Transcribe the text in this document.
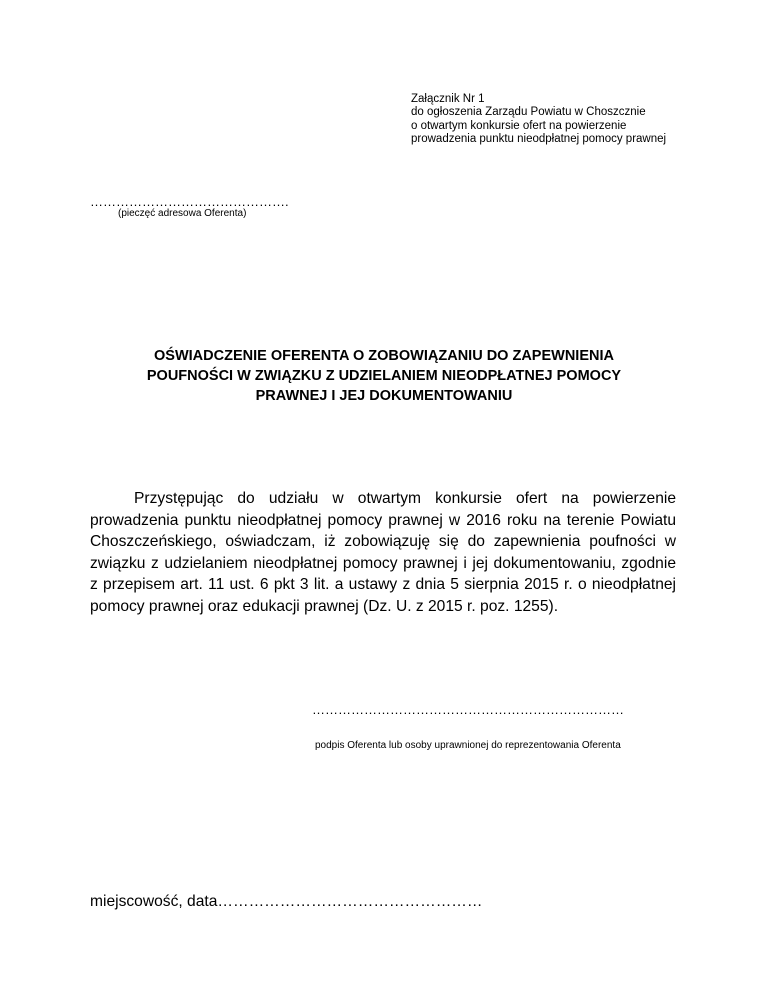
Załącznik Nr 1
do ogłoszenia Zarządu Powiatu w Choszcznie
o otwartym konkursie ofert na powierzenie
prowadzenia punktu nieodpłatnej pomocy prawnej
……………………………………….
(pieczęć adresowa Oferenta)
OŚWIADCZENIE OFERENTA O ZOBOWIĄZANIU DO ZAPEWNIENIA
POUFNOŚCI W ZWIĄZKU Z UDZIELANIEM NIEODPŁATNEJ POMOCY
PRAWNEJ I JEJ DOKUMENTOWANIU

Przystępując do udziału w otwartym konkursie ofert na powierzenie prowadzenia punktu nieodpłatnej pomocy prawnej w 2016 roku na terenie Powiatu Choszczeńskiego, oświadczam, iż zobowiązuję się do zapewnienia poufności w związku z udzielaniem nieodpłatnej pomocy prawnej i jej dokumentowaniu, zgodnie z przepisem art. 11 ust. 6 pkt 3 lit. a ustawy z dnia 5 sierpnia 2015 r. o nieodpłatnej pomocy prawnej oraz edukacji prawnej (Dz. U. z 2015 r. poz. 1255).

………………………………………………………………
podpis Oferenta lub osoby uprawnionej do reprezentowania Oferenta
miejscowość, data……………………………………………
